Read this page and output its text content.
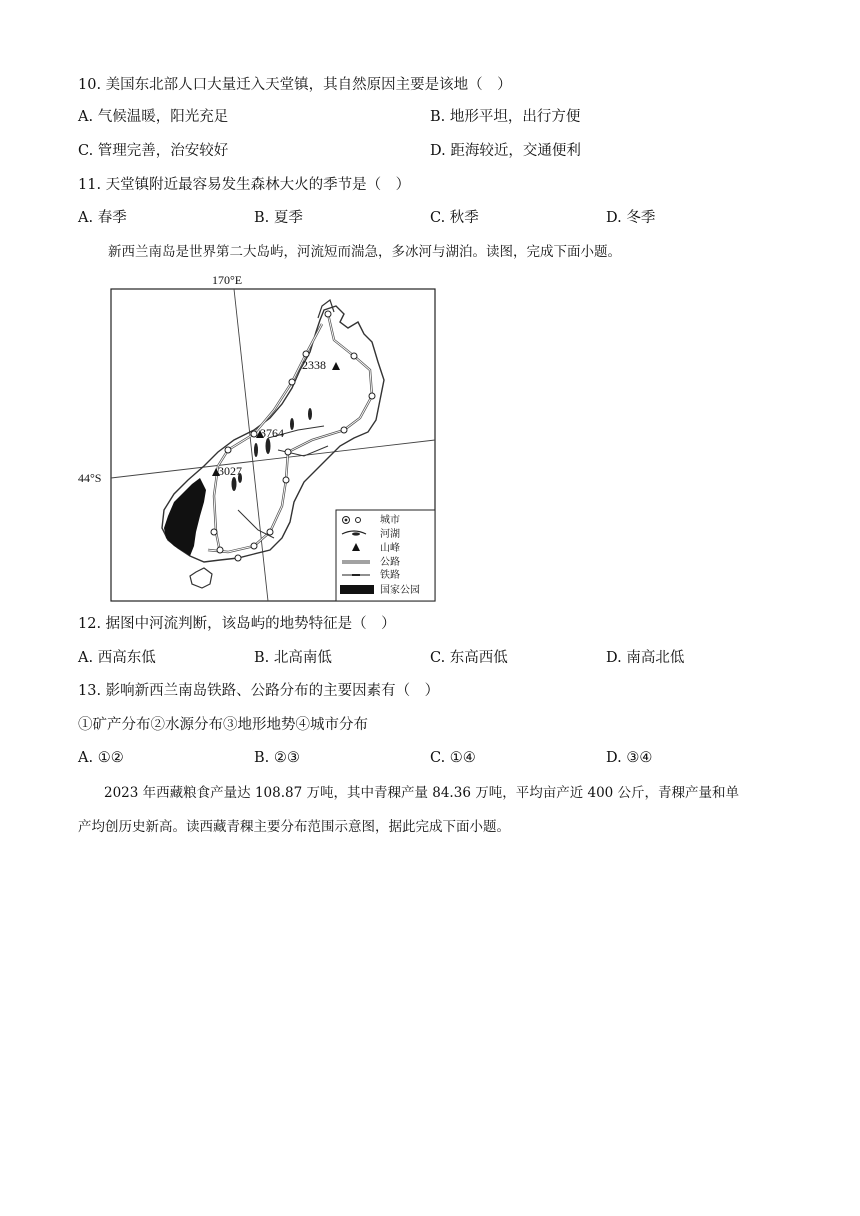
10. 美国东北部人口大量迁入天堂镇，其自然原因主要是该地（　）
A. 气候温暖，阳光充足	B. 地形平坦，出行方便
C. 管理完善，治安较好	D. 距海较近，交通便利
11. 天堂镇附近最容易发生森林大火的季节是（　）
A. 春季	B. 夏季	C. 秋季	D. 冬季
新西兰南岛是世界第二大岛屿，河流短而湍急，多冰河与湖泊。读图，完成下面小题。
170°E
44°S
2338
3764
3027
城市
河湖
山峰
公路
铁路
国家公园
12. 据图中河流判断，该岛屿的地势特征是（　）
A. 西高东低	B. 北高南低	C. 东高西低	D. 南高北低
13. 影响新西兰南岛铁路、公路分布的主要因素有（　）
①矿产分布②水源分布③地形地势④城市分布
A. ①②	B. ②③	C. ①④	D. ③④
2023 年西藏粮食产量达 108.87 万吨，其中青稞产量 84.36 万吨，平均亩产近 400 公斤，青稞产量和单
产均创历史新高。读西藏青稞主要分布范围示意图，据此完成下面小题。
